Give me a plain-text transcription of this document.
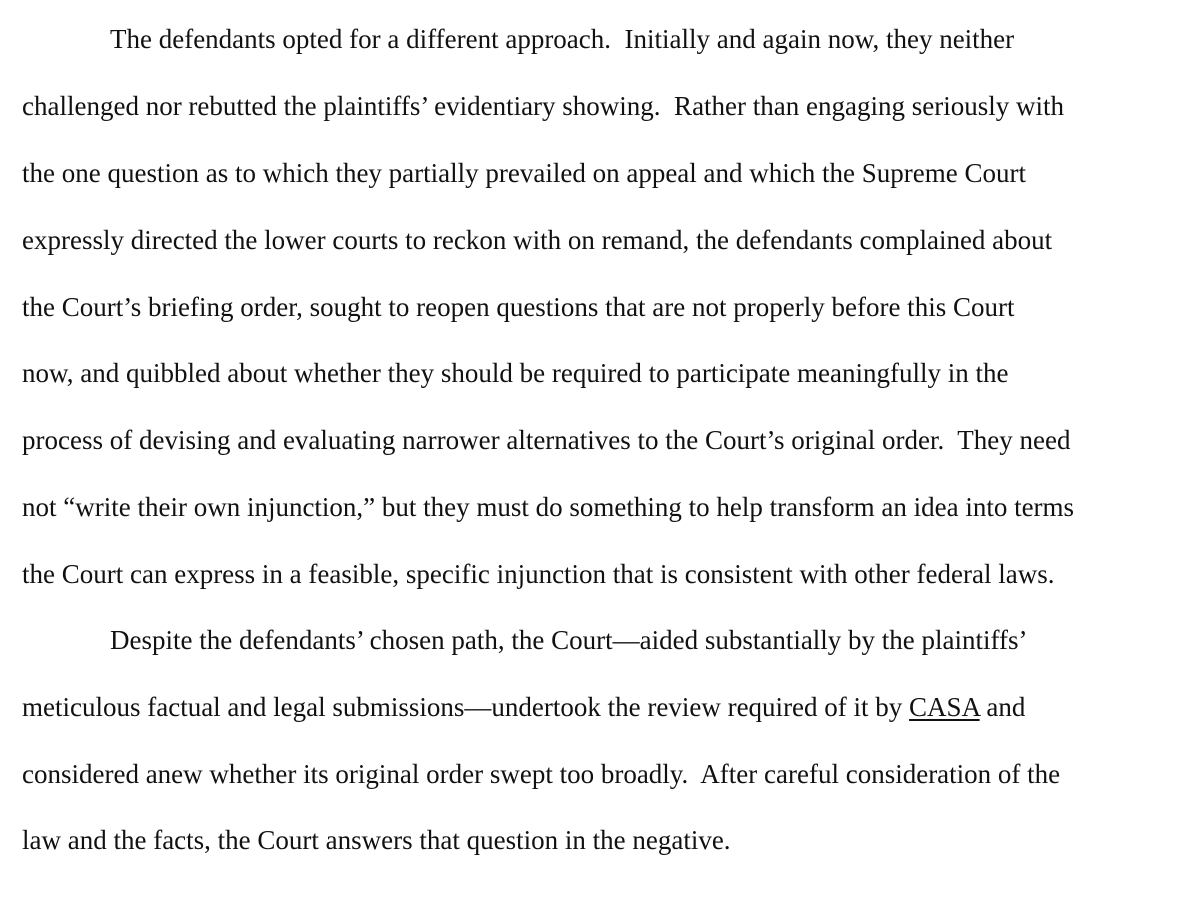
The defendants opted for a different approach.  Initially and again now, they neither

challenged nor rebutted the plaintiffs’ evidentiary showing.  Rather than engaging seriously with

the one question as to which they partially prevailed on appeal and which the Supreme Court

expressly directed the lower courts to reckon with on remand, the defendants complained about

the Court’s briefing order, sought to reopen questions that are not properly before this Court

now, and quibbled about whether they should be required to participate meaningfully in the

process of devising and evaluating narrower alternatives to the Court’s original order.  They need

not “write their own injunction,” but they must do something to help transform an idea into terms

the Court can express in a feasible, specific injunction that is consistent with other federal laws.

Despite the defendants’ chosen path, the Court—aided substantially by the plaintiffs’

meticulous factual and legal submissions—undertook the review required of it by CASA and

considered anew whether its original order swept too broadly.  After careful consideration of the

law and the facts, the Court answers that question in the negative.
